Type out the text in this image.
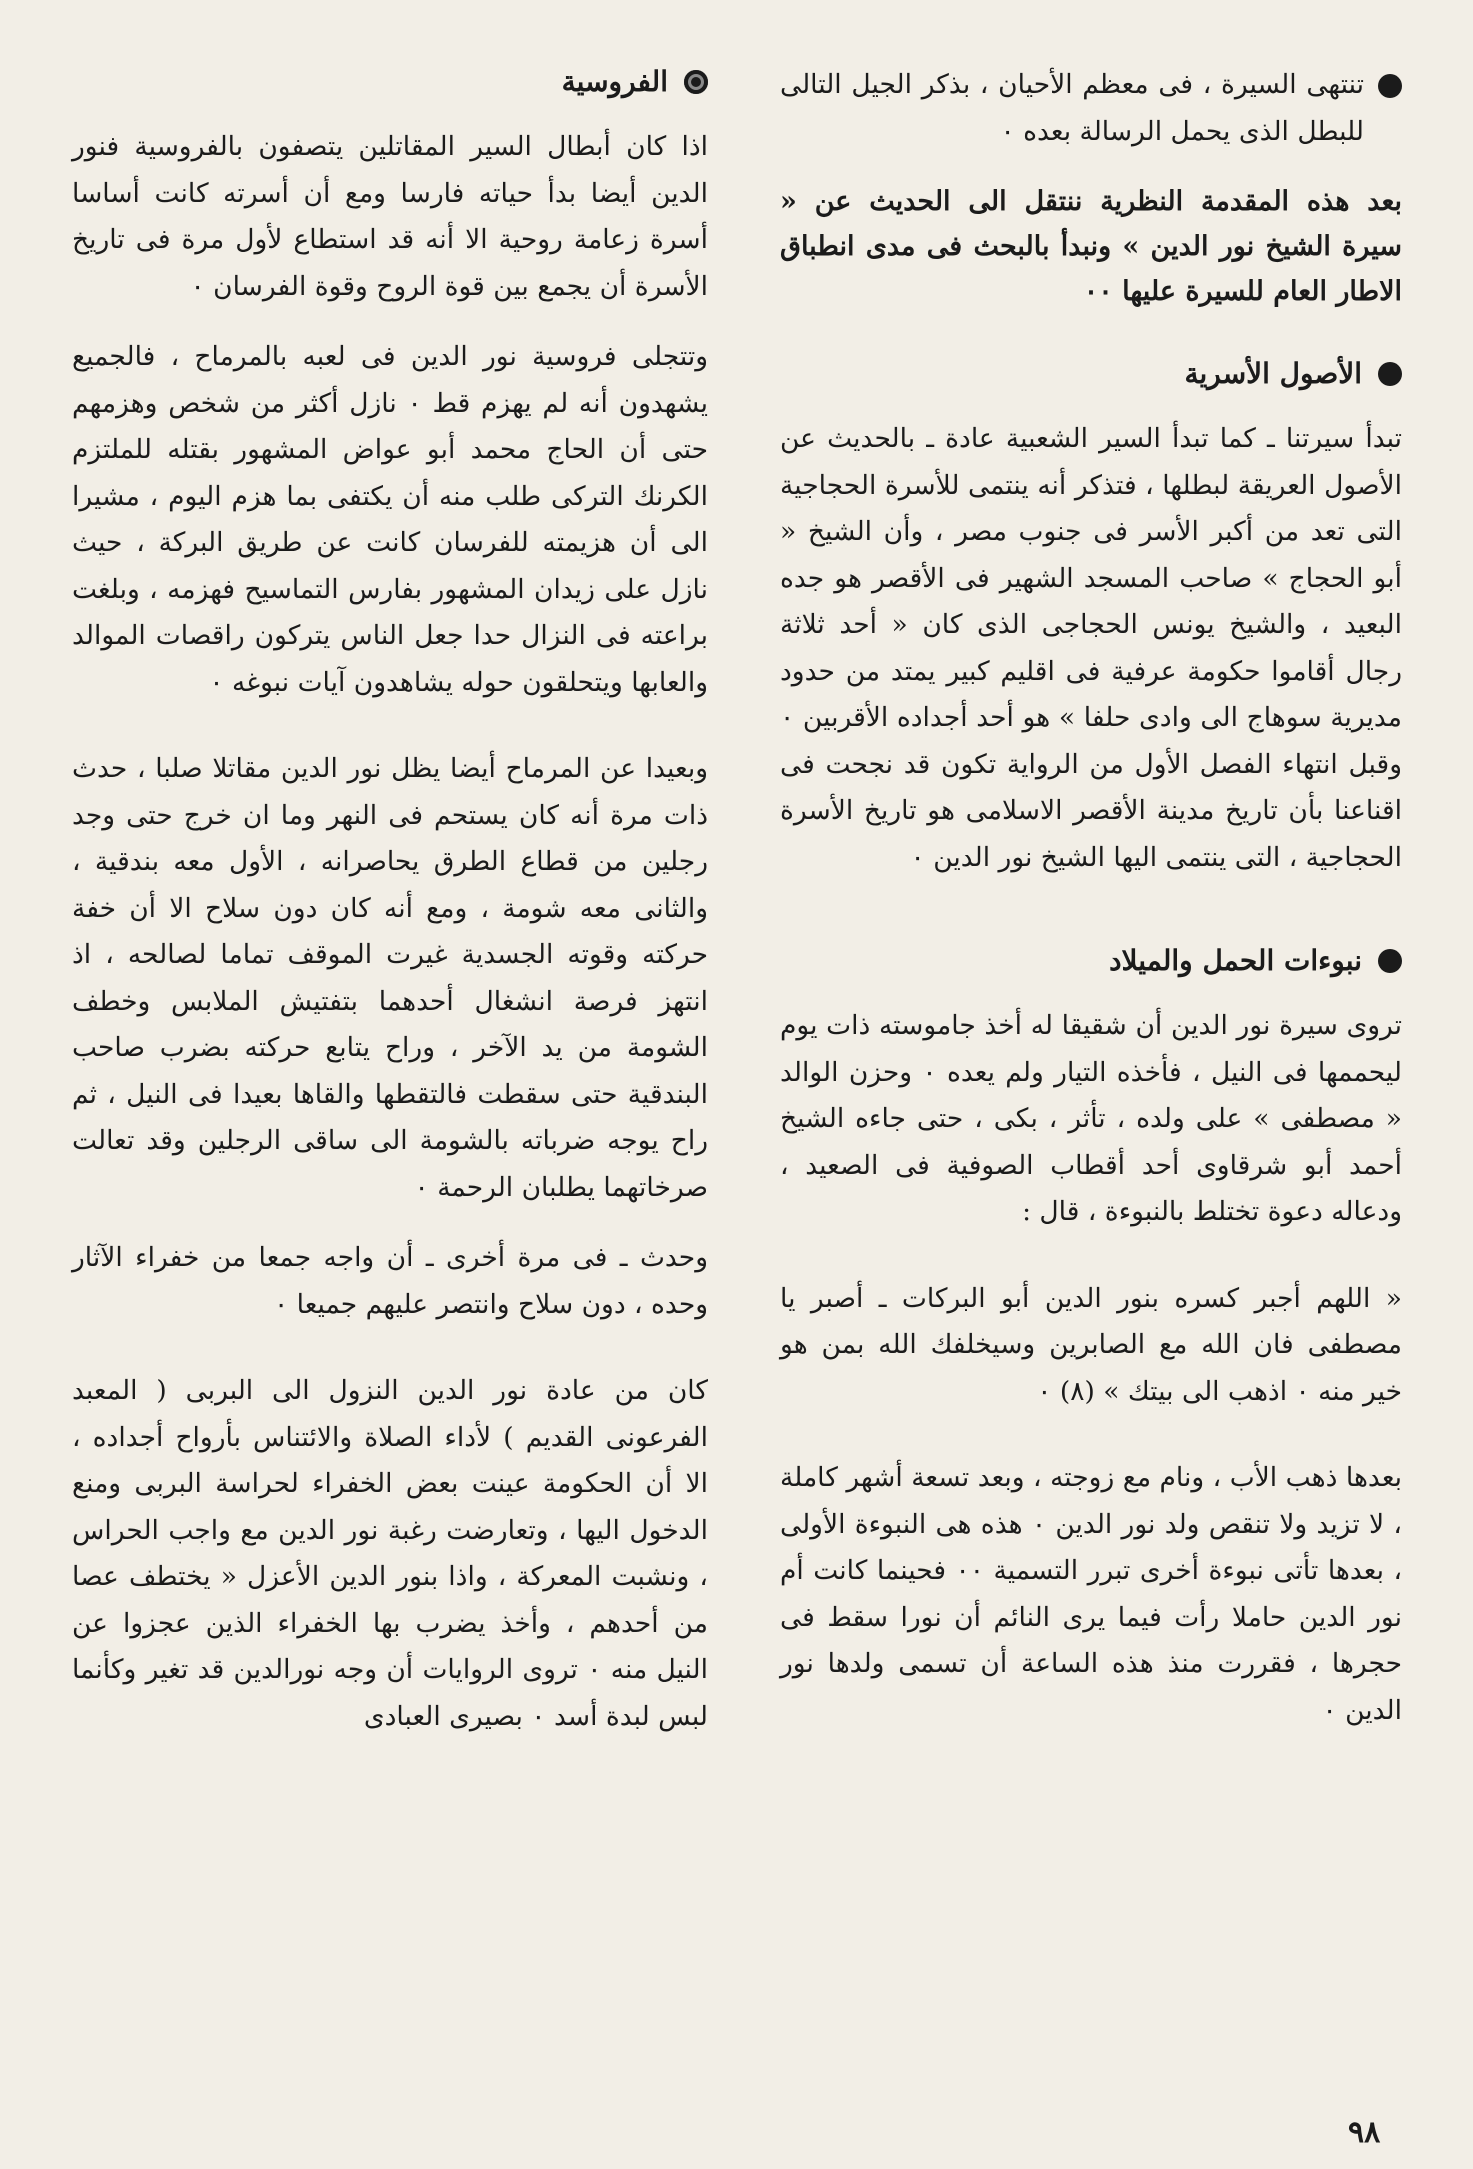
تنتهى السيرة ، فى معظم الأحيان ، بذكر الجيل التالى للبطل الذى يحمل الرسالة بعده ٠

بعد هذه المقدمة النظرية ننتقل الى الحديث عن « سيرة الشيخ نور الدين » ونبدأ بالبحث فى مدى انطباق الاطار العام للسيرة عليها ٠٠

الأصول الأسرية

تبدأ سيرتنا ـ كما تبدأ السير الشعبية عادة ـ بالحديث عن الأصول العريقة لبطلها ، فتذكر أنه ينتمى للأسرة الحجاجية التى تعد من أكبر الأسر فى جنوب مصر ، وأن الشيخ « أبو الحجاج » صاحب المسجد الشهير فى الأقصر هو جده البعيد ، والشيخ يونس الحجاجى الذى كان « أحد ثلاثة رجال أقاموا حكومة عرفية فى اقليم كبير يمتد من حدود مديرية سوهاج الى وادى حلفا » هو أحد أجداده الأقربين ٠ وقبل انتهاء الفصل الأول من الرواية تكون قد نجحت فى اقناعنا بأن تاريخ مدينة الأقصر الاسلامى هو تاريخ الأسرة الحجاجية ، التى ينتمى اليها الشيخ نور الدين ٠

نبوءات الحمل والميلاد

تروى سيرة نور الدين أن شقيقا له أخذ جاموسته ذات يوم ليحممها فى النيل ، فأخذه التيار ولم يعده ٠ وحزن الوالد « مصطفى » على ولده ، تأثر ، بكى ، حتى جاءه الشيخ أحمد أبو شرقاوى أحد أقطاب الصوفية فى الصعيد ، ودعاله دعوة تختلط بالنبوءة ، قال :

« اللهم أجبر كسره بنور الدين أبو البركات ـ أصبر يا مصطفى فان الله مع الصابرين وسيخلفك الله بمن هو خير منه ٠ اذهب الى بيتك » (٨) ٠

بعدها ذهب الأب ، ونام مع زوجته ، وبعد تسعة أشهر كاملة ، لا تزيد ولا تنقص ولد نور الدين ٠ هذه هى النبوءة الأولى ، بعدها تأتى نبوءة أخرى تبرر التسمية ٠٠ فحينما كانت أم نور الدين حاملا رأت فيما يرى النائم أن نورا سقط فى حجرها ، فقررت منذ هذه الساعة أن تسمى ولدها نور الدين ٠

الفروسية

اذا كان أبطال السير المقاتلين يتصفون بالفروسية فنور الدين أيضا بدأ حياته فارسا ومع أن أسرته كانت أساسا أسرة زعامة روحية الا أنه قد استطاع لأول مرة فى تاريخ الأسرة أن يجمع بين قوة الروح وقوة الفرسان ٠

وتتجلى فروسية نور الدين فى لعبه بالمرماح ، فالجميع يشهدون أنه لم يهزم قط ٠ نازل أكثر من شخص وهزمهم حتى أن الحاج محمد أبو عواض المشهور بقتله للملتزم الكرنك التركى طلب منه أن يكتفى بما هزم اليوم ، مشيرا الى أن هزيمته للفرسان كانت عن طريق البركة ، حيث نازل على زيدان المشهور بفارس التماسيح فهزمه ، وبلغت براعته فى النزال حدا جعل الناس يتركون راقصات الموالد والعابها ويتحلقون حوله يشاهدون آيات نبوغه ٠

وبعيدا عن المرماح أيضا يظل نور الدين مقاتلا صلبا ، حدث ذات مرة أنه كان يستحم فى النهر وما ان خرج حتى وجد رجلين من قطاع الطرق يحاصرانه ، الأول معه بندقية ، والثانى معه شومة ، ومع أنه كان دون سلاح الا أن خفة حركته وقوته الجسدية غيرت الموقف تماما لصالحه ، اذ انتهز فرصة انشغال أحدهما بتفتيش الملابس وخطف الشومة من يد الآخر ، وراح يتابع حركته بضرب صاحب البندقية حتى سقطت فالتقطها والقاها بعيدا فى النيل ، ثم راح يوجه ضرباته بالشومة الى ساقى الرجلين وقد تعالت صرخاتهما يطلبان الرحمة ٠

وحدث ـ فى مرة أخرى ـ أن واجه جمعا من خفراء الآثار وحده ، دون سلاح وانتصر عليهم جميعا ٠

كان من عادة نور الدين النزول الى البربى ( المعبد الفرعونى القديم ) لأداء الصلاة والائتناس بأرواح أجداده ، الا أن الحكومة عينت بعض الخفراء لحراسة البربى ومنع الدخول اليها ، وتعارضت رغبة نور الدين مع واجب الحراس ، ونشبت المعركة ، واذا بنور الدين الأعزل « يختطف عصا من أحدهم ، وأخذ يضرب بها الخفراء الذين عجزوا عن النيل منه ٠ تروى الروايات أن وجه نورالدين قد تغير وكأنما لبس لبدة أسد ٠ بصيرى العبادى

٩٨
